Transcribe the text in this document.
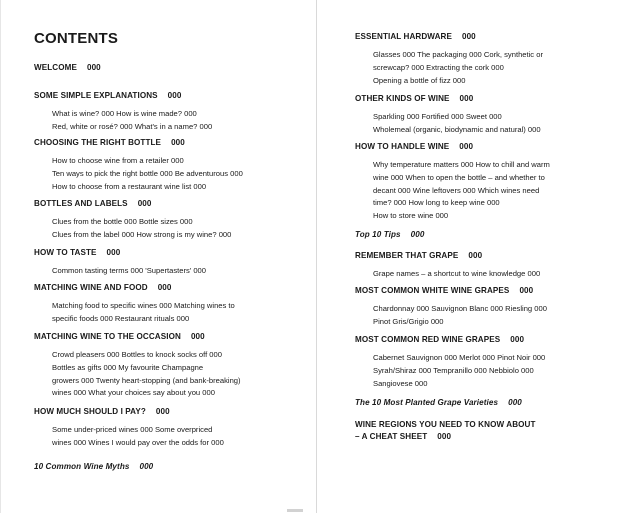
CONTENTS
WELCOME 000
SOME SIMPLE EXPLANATIONS 000
What is wine? 000 How is wine made? 000
Red, white or rosé? 000 What's in a name? 000
CHOOSING THE RIGHT BOTTLE 000
How to choose wine from a retailer 000
Ten ways to pick the right bottle 000 Be adventurous 000
How to choose from a restaurant wine list 000
BOTTLES AND LABELS 000
Clues from the bottle 000 Bottle sizes 000
Clues from the label 000 How strong is my wine? 000
HOW TO TASTE 000
Common tasting terms 000 'Supertasters' 000
MATCHING WINE AND FOOD 000
Matching food to specific wines 000 Matching wines to
specific foods 000 Restaurant rituals 000
MATCHING WINE TO THE OCCASION 000
Crowd pleasers 000 Bottles to knock socks off 000
Bottles as gifts 000 My favourite Champagne
growers 000 Twenty heart-stopping (and bank-breaking)
wines 000 What your choices say about you 000
HOW MUCH SHOULD I PAY? 000
Some under-priced wines 000 Some overpriced
wines 000 Wines I would pay over the odds for 000
10 Common Wine Myths 000
ESSENTIAL HARDWARE 000
Glasses 000 The packaging 000 Cork, synthetic or
screwcap? 000 Extracting the cork 000
Opening a bottle of fizz 000
OTHER KINDS OF WINE 000
Sparkling 000 Fortified 000 Sweet 000
Wholemeal (organic, biodynamic and natural) 000
HOW TO HANDLE WINE 000
Why temperature matters 000 How to chill and warm
wine 000 When to open the bottle – and whether to
decant 000 Wine leftovers 000 Which wines need
time? 000 How long to keep wine 000
How to store wine 000
Top 10 Tips 000
REMEMBER THAT GRAPE 000
Grape names – a shortcut to wine knowledge 000
MOST COMMON WHITE WINE GRAPES 000
Chardonnay 000 Sauvignon Blanc 000 Riesling 000
Pinot Gris/Grigio 000
MOST COMMON RED WINE GRAPES 000
Cabernet Sauvignon 000 Merlot 000 Pinot Noir 000
Syrah/Shiraz 000 Tempranillo 000 Nebbiolo 000
Sangiovese 000
The 10 Most Planted Grape Varieties 000
WINE REGIONS YOU NEED TO KNOW ABOUT
– A CHEAT SHEET 000
